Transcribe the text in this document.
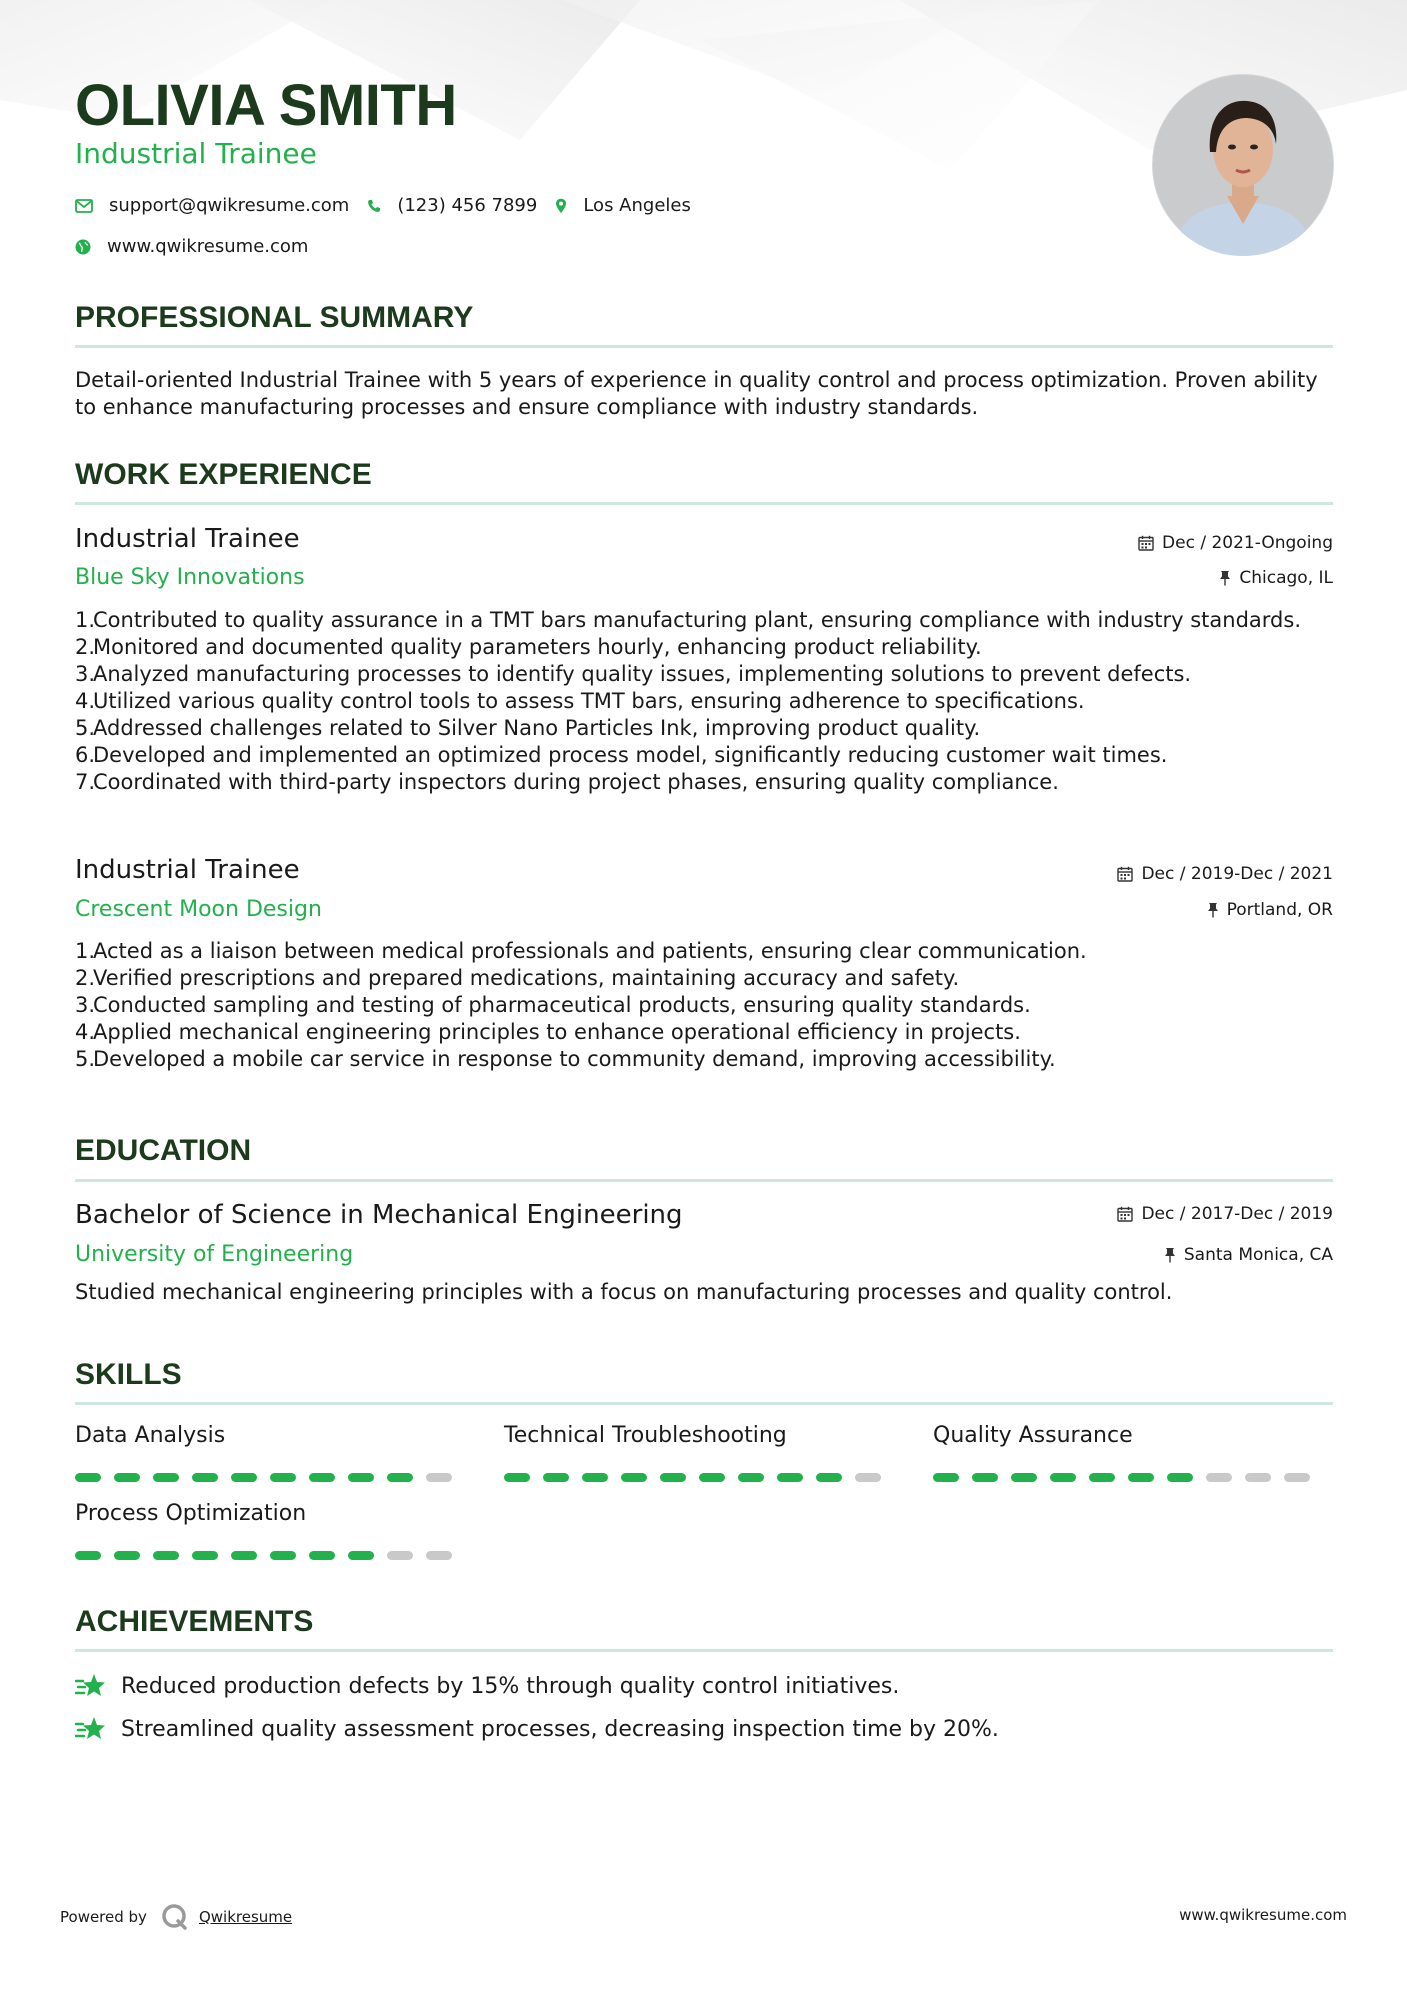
OLIVIA SMITH
Industrial Trainee
support@qwikresume.com	(123) 456 7899	Los Angeles
www.qwikresume.com
PROFESSIONAL SUMMARY
Detail-oriented Industrial Trainee with 5 years of experience in quality control and process optimization. Proven ability to enhance manufacturing processes and ensure compliance with industry standards.
WORK EXPERIENCE
Industrial Trainee	Dec / 2021-Ongoing
Blue Sky Innovations	Chicago, IL
Contributed to quality assurance in a TMT bars manufacturing plant, ensuring compliance with industry standards.
Monitored and documented quality parameters hourly, enhancing product reliability.
Analyzed manufacturing processes to identify quality issues, implementing solutions to prevent defects.
Utilized various quality control tools to assess TMT bars, ensuring adherence to specifications.
Addressed challenges related to Silver Nano Particles Ink, improving product quality.
Developed and implemented an optimized process model, significantly reducing customer wait times.
Coordinated with third-party inspectors during project phases, ensuring quality compliance.
Industrial Trainee	Dec / 2019-Dec / 2021
Crescent Moon Design	Portland, OR
Acted as a liaison between medical professionals and patients, ensuring clear communication.
Verified prescriptions and prepared medications, maintaining accuracy and safety.
Conducted sampling and testing of pharmaceutical products, ensuring quality standards.
Applied mechanical engineering principles to enhance operational efficiency in projects.
Developed a mobile car service in response to community demand, improving accessibility.
EDUCATION
Bachelor of Science in Mechanical Engineering	Dec / 2017-Dec / 2019
University of Engineering	Santa Monica, CA
Studied mechanical engineering principles with a focus on manufacturing processes and quality control.
SKILLS
Data Analysis	Technical Troubleshooting	Quality Assurance
Process Optimization
ACHIEVEMENTS
Reduced production defects by 15% through quality control initiatives.
Streamlined quality assessment processes, decreasing inspection time by 20%.
Powered by	Qwikresume	www.qwikresume.com
